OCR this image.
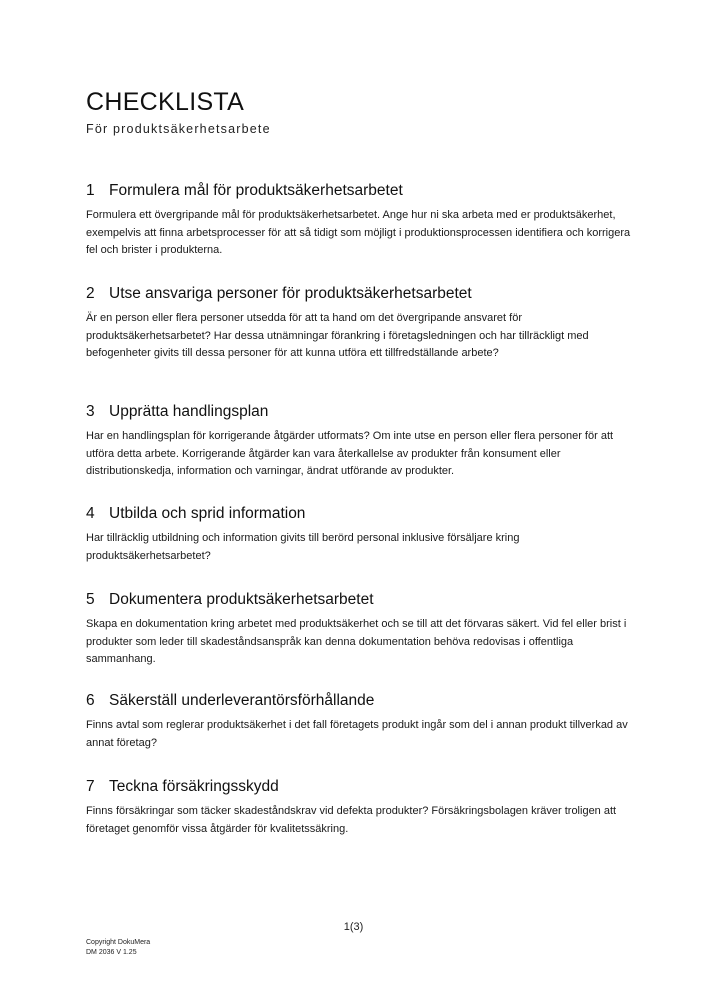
CHECKLISTA

För produktsäkerhetsarbete

1 Formulera mål för produktsäkerhetsarbetet

Formulera ett övergripande mål för produktsäkerhetsarbetet. Ange hur ni ska arbeta med er produktsäkerhet, exempelvis att finna arbetsprocesser för att så tidigt som möjligt i produktionsprocessen identifiera och korrigera fel och brister i produkterna.

2 Utse ansvariga personer för produktsäkerhetsarbetet

Är en person eller flera personer utsedda för att ta hand om det övergripande ansvaret för produktsäkerhetsarbetet? Har dessa utnämningar förankring i företagsledningen och har tillräckligt med befogenheter givits till dessa personer för att kunna utföra ett tillfredställande arbete?

3 Upprätta handlingsplan

Har en handlingsplan för korrigerande åtgärder utformats? Om inte utse en person eller flera personer för att utföra detta arbete. Korrigerande åtgärder kan vara återkallelse av produkter från konsument eller distributionskedja, information och varningar, ändrat utförande av produkter.

4 Utbilda och sprid information

Har tillräcklig utbildning och information givits till berörd personal inklusive försäljare kring produktsäkerhetsarbetet?

5 Dokumentera produktsäkerhetsarbetet

Skapa en dokumentation kring arbetet med produktsäkerhet och se till att det förvaras säkert. Vid fel eller brist i produkter som leder till skadeståndsanspråk kan denna dokumentation behöva redovisas i offentliga sammanhang.

6 Säkerställ underleverantörsförhållande

Finns avtal som reglerar produktsäkerhet i det fall företagets produkt ingår som del i annan produkt tillverkad av annat företag?

7 Teckna försäkringsskydd

Finns försäkringar som täcker skadeståndskrav vid defekta produkter? Försäkringsbolagen kräver troligen att företaget genomför vissa åtgärder för kvalitetssäkring.

1(3)
Copyright DokuMera
DM 2036 V 1.25
